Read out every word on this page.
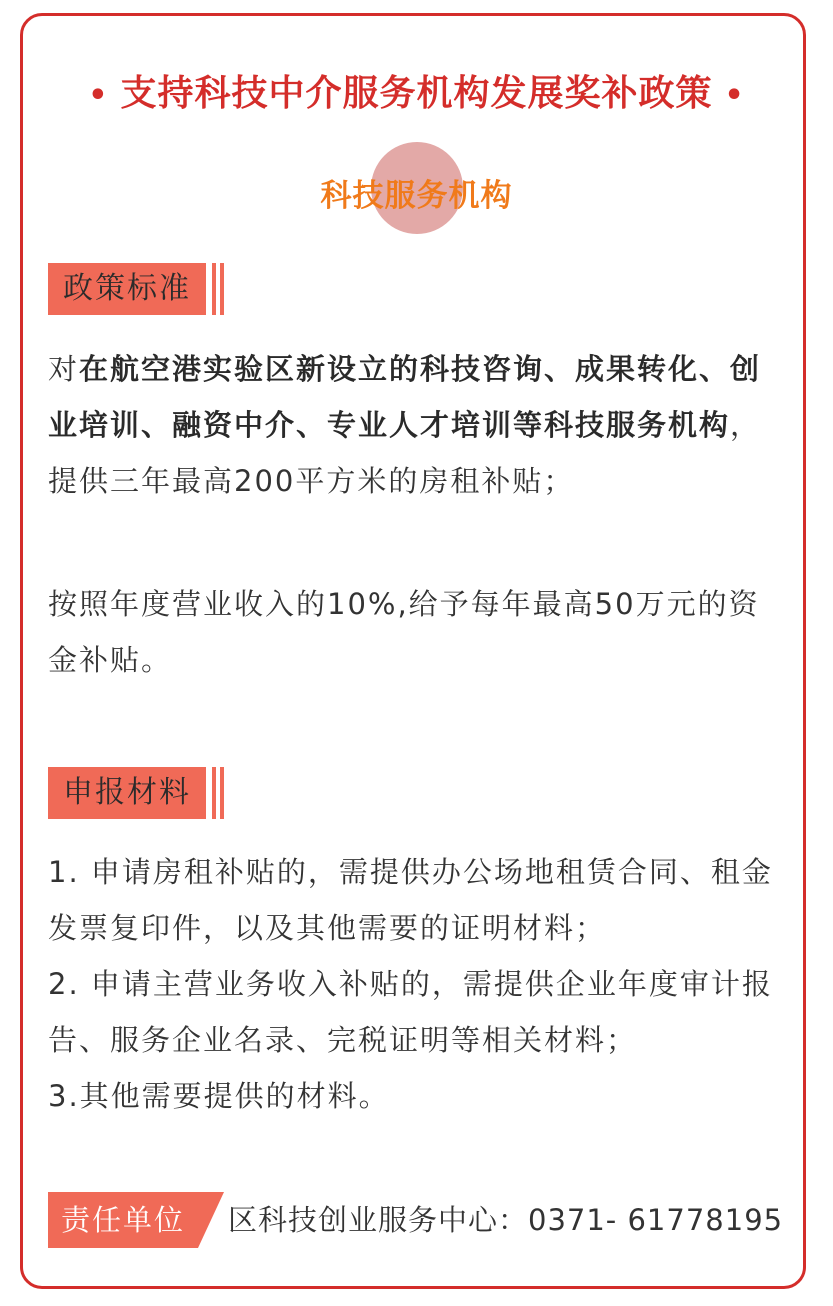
• 支持科技中介服务机构发展奖补政策 •
科技服务机构
政策标准
对在航空港实验区新设立的科技咨询、成果转化、创业培训、融资中介、专业人才培训等科技服务机构，提供三年最高200平方米的房租补贴；
按照年度营业收入的10%,给予每年最高50万元的资金补贴。
申报材料
1. 申请房租补贴的，需提供办公场地租赁合同、租金发票复印件，以及其他需要的证明材料；
2. 申请主营业务收入补贴的，需提供企业年度审计报告、服务企业名录、完税证明等相关材料；
3.其他需要提供的材料。
责任单位	区科技创业服务中心：0371- 61778195
